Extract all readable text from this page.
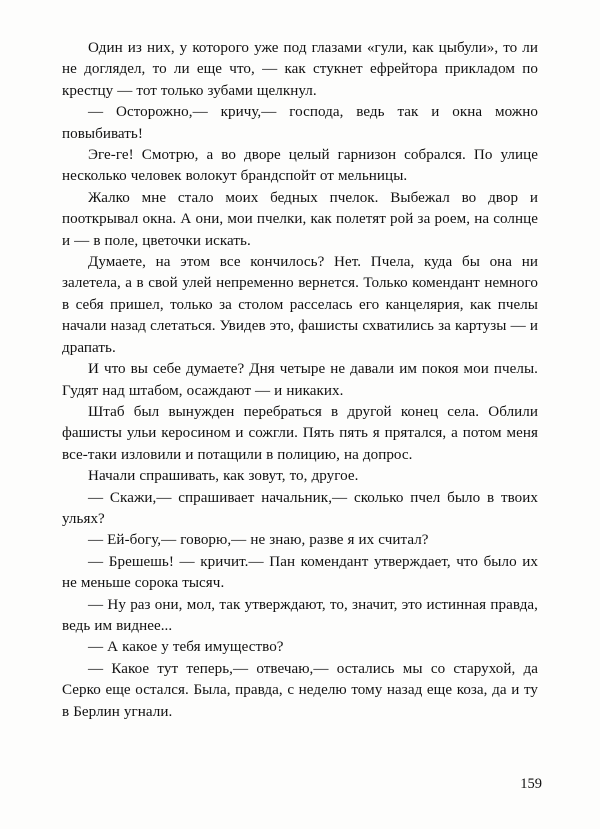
Один из них, у которого уже под глазами «гули, как цыбули», то ли не доглядел, то ли еще что, — как стукнет ефрейтора прикладом по крестцу — тот только зубами щелкнул.

— Осторожно,— кричу,— господа, ведь так и окна можно повыбивать!

Эге-ге! Смотрю, а во дворе целый гарнизон собрался. По улице несколько человек волокут брандспойт от мельницы.

Жалко мне стало моих бедных пчелок. Выбежал во двор и пооткрывал окна. А они, мои пчелки, как полетят рой за роем, на солнце и — в поле, цветочки искать.

Думаете, на этом все кончилось? Нет. Пчела, куда бы она ни залетела, а в свой улей непременно вернется. Только комендант немного в себя пришел, только за столом расселась его канцелярия, как пчелы начали назад слетаться. Увидев это, фашисты схватились за картузы — и драпать.

И что вы себе думаете? Дня четыре не давали им покоя мои пчелы. Гудят над штабом, осаждают — и никаких.

Штаб был вынужден перебраться в другой конец села. Облили фашисты ульи керосином и сожгли. Пять пять я прятался, а потом меня все-таки изловили и потащили в полицию, на допрос.

Начали спрашивать, как зовут, то, другое.

— Скажи,— спрашивает начальник,— сколько пчел было в твоих ульях?

— Ей-богу,— говорю,— не знаю, разве я их считал?

— Брешешь! — кричит.— Пан комендант утверждает, что было их не меньше сорока тысяч.

— Ну раз они, мол, так утверждают, то, значит, это истинная правда, ведь им виднее...

— А какое у тебя имущество?

— Какое тут теперь,— отвечаю,— остались мы со старухой, да Серко еще остался. Была, правда, с неделю тому назад еще коза, да и ту в Берлин угнали.

159
